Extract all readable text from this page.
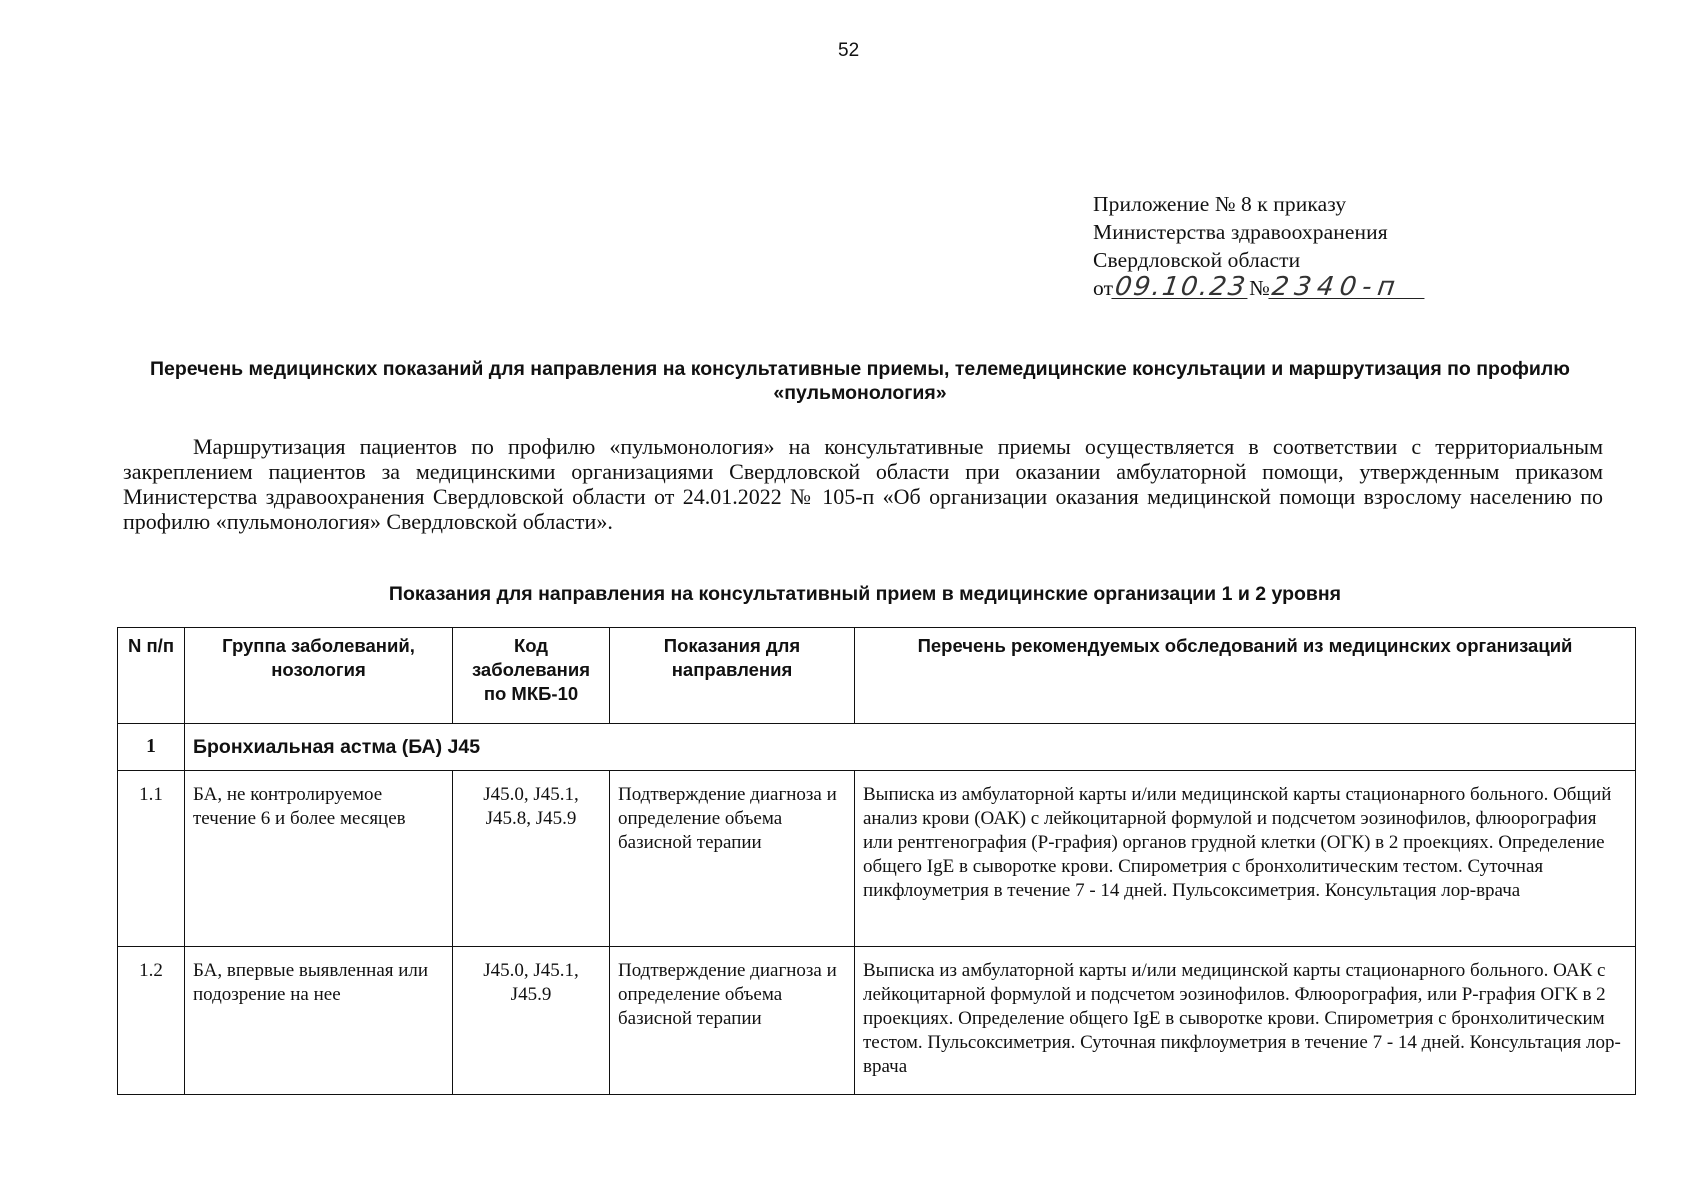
52
Приложение № 8 к приказу
Министерства здравоохранения
Свердловской области
от09.10.23№2340-п
Перечень медицинских показаний для направления на консультативные приемы, телемедицинские консультации и маршрутизация по профилю «пульмонология»
Маршрутизация пациентов по профилю «пульмонология» на консультативные приемы осуществляется в соответствии с территориальным закреплением пациентов за медицинскими организациями Свердловской области при оказании амбулаторной помощи, утвержденным приказом Министерства здравоохранения Свердловской области от 24.01.2022 № 105-п «Об организации оказания медицинской помощи взрослому населению по профилю «пульмонология» Свердловской области».
Показания для направления на консультативный прием в медицинские организации 1 и 2 уровня
N п/п	Группа заболеваний, нозология	Код заболевания по МКБ-10	Показания для направления	Перечень рекомендуемых обследований из медицинских организаций
1	Бронхиальная астма (БА) J45			
1.1	БА, не контролируемое течение 6 и более месяцев	J45.0, J45.1, J45.8, J45.9	Подтверждение диагноза и определение объема базисной терапии	Выписка из амбулаторной карты и/или медицинской карты стационарного больного. Общий анализ крови (ОАК) с лейкоцитарной формулой и подсчетом эозинофилов, флюорография или рентгенография (Р-графия) органов грудной клетки (ОГК) в 2 проекциях. Определение общего IgE в сыворотке крови. Спирометрия с бронхолитическим тестом. Суточная пикфлоуметрия в течение 7 - 14 дней. Пульсоксиметрия. Консультация лор-врача
1.2	БА, впервые выявленная или подозрение на нее	J45.0, J45.1, J45.9	Подтверждение диагноза и определение объема базисной терапии	Выписка из амбулаторной карты и/или медицинской карты стационарного больного. ОАК с лейкоцитарной формулой и подсчетом эозинофилов. Флюорография, или Р-графия ОГК в 2 проекциях. Определение общего IgE в сыворотке крови. Спирометрия с бронхолитическим тестом. Пульсоксиметрия. Суточная пикфлоуметрия в течение 7 - 14 дней. Консультация лор-врача
